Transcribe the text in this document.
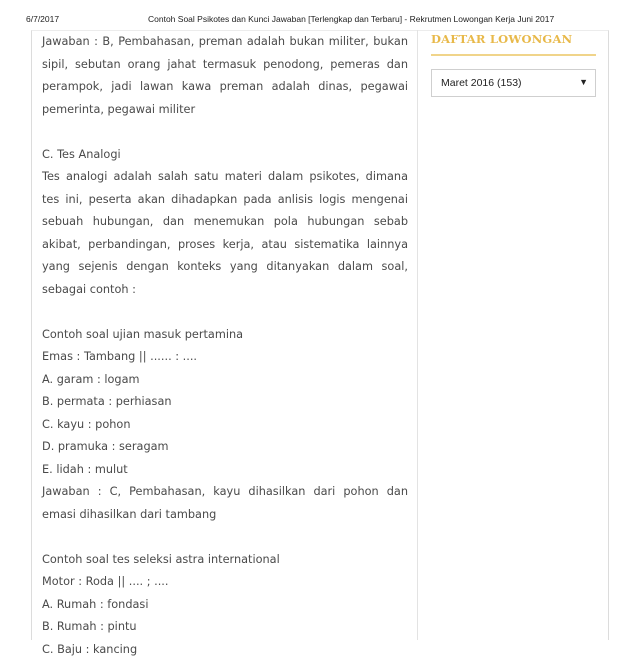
6/7/2017	Contoh Soal Psikotes dan Kunci Jawaban [Terlengkap dan Terbaru] - Rekrutmen Lowongan Kerja Juni 2017

Jawaban : B, Pembahasan, preman adalah bukan militer, bukan sipil, sebutan orang jahat termasuk penodong, pemeras dan perampok, jadi lawan kawa preman adalah dinas, pegawai pemerinta, pegawai militer

C. Tes Analogi

Tes analogi adalah salah satu materi dalam psikotes, dimana tes ini, peserta akan dihadapkan pada anlisis logis mengenai sebuah hubungan, dan menemukan pola hubungan sebab akibat, perbandingan, proses kerja, atau sistematika lainnya yang sejenis dengan konteks yang ditanyakan dalam soal, sebagai contoh :

Contoh soal ujian masuk pertamina

Emas : Tambang || ...... : ....

A. garam : logam

B. permata : perhiasan

C. kayu : pohon

D. pramuka : seragam

E. lidah : mulut

Jawaban : C, Pembahasan, kayu dihasilkan dari pohon dan emasi dihasilkan dari tambang

Contoh soal tes seleksi astra international

Motor : Roda || .... ; ....

A. Rumah : fondasi

B. Rumah : pintu

C. Baju : kancing

DAFTAR LOWONGAN
Maret 2016 (153)	▼
